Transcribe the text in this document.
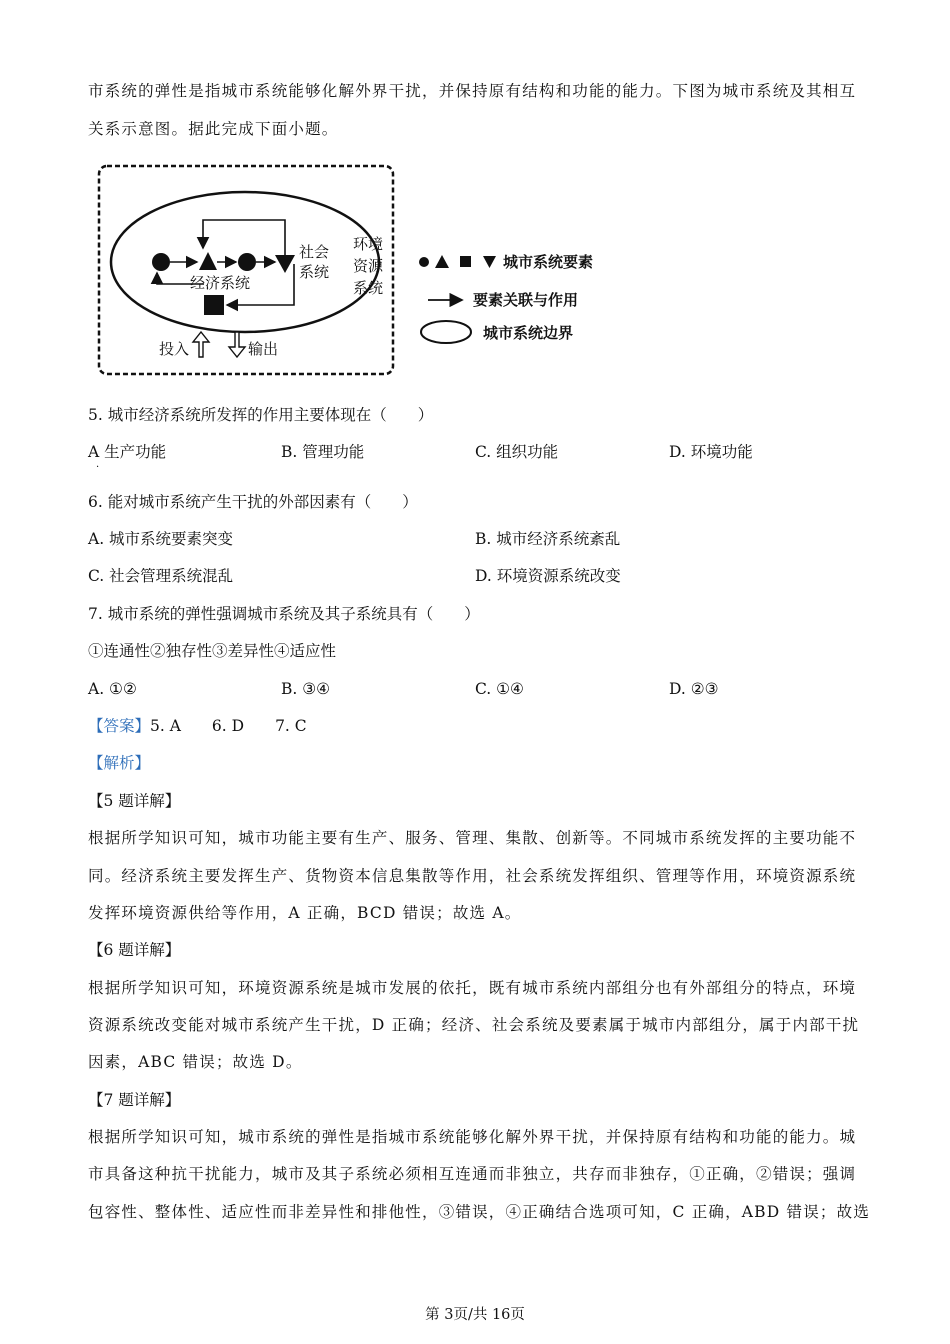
市系统的弹性是指城市系统能够化解外界干扰，并保持原有结构和功能的能力。下图为城市系统及其相互
关系示意图。据此完成下面小题。
经济系统
社会
系统
环境
资源
系统
投入	输出
城市系统要素
要素关联与作用
城市系统边界
5. 城市经济系统所发挥的作用主要体现在（　　）
A 生产功能
·
B. 管理功能	C. 组织功能	D. 环境功能
6. 能对城市系统产生干扰的外部因素有（　　）
A. 城市系统要素突变	B. 城市经济系统紊乱
C. 社会管理系统混乱	D. 环境资源系统改变
7. 城市系统的弹性强调城市系统及其子系统具有（　　）
①连通性②独存性③差异性④适应性
A. ①②	B. ③④	C. ①④	D. ②③
【答案】5. A　　6. D　　7. C
【解析】
【5 题详解】
根据所学知识可知，城市功能主要有生产、服务、管理、集散、创新等。不同城市系统发挥的主要功能不
同。经济系统主要发挥生产、货物资本信息集散等作用，社会系统发挥组织、管理等作用，环境资源系统
发挥环境资源供给等作用，A 正确，BCD 错误；故选 A。
【6 题详解】
根据所学知识可知，环境资源系统是城市发展的依托，既有城市系统内部组分也有外部组分的特点，环境
资源系统改变能对城市系统产生干扰，D 正确；经济、社会系统及要素属于城市内部组分，属于内部干扰
因素，ABC 错误；故选 D。
【7 题详解】
根据所学知识可知，城市系统的弹性是指城市系统能够化解外界干扰，并保持原有结构和功能的能力。城
市具备这种抗干扰能力，城市及其子系统必须相互连通而非独立，共存而非独存，①正确，②错误；强调
包容性、整体性、适应性而非差异性和排他性，③错误，④正确结合选项可知，C 正确，ABD 错误；故选
第 3页/共 16页
